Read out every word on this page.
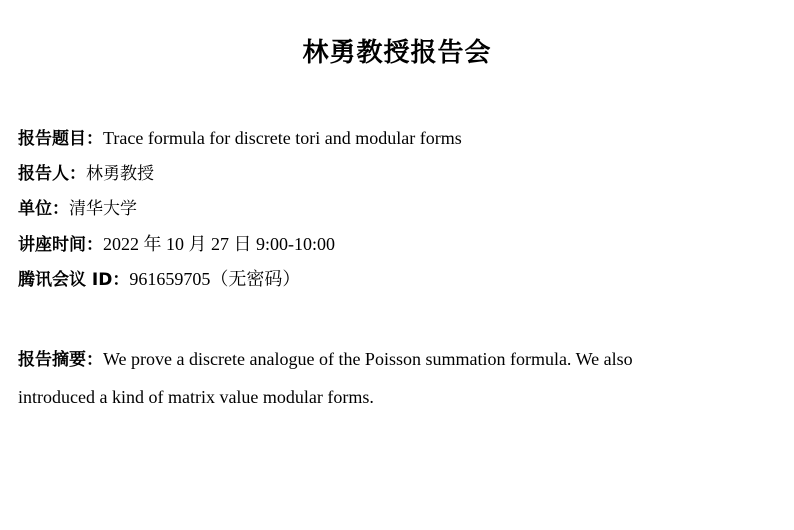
林勇教授报告会
报告题目：Trace formula for discrete tori and modular forms
报告人：林勇教授
单位：清华大学
讲座时间：2022 年 10 月 27 日 9:00-10:00
腾讯会议 ID：961659705（无密码）
报告摘要：We prove a discrete analogue of the Poisson summation formula. We also
introduced a kind of matrix value modular forms.
